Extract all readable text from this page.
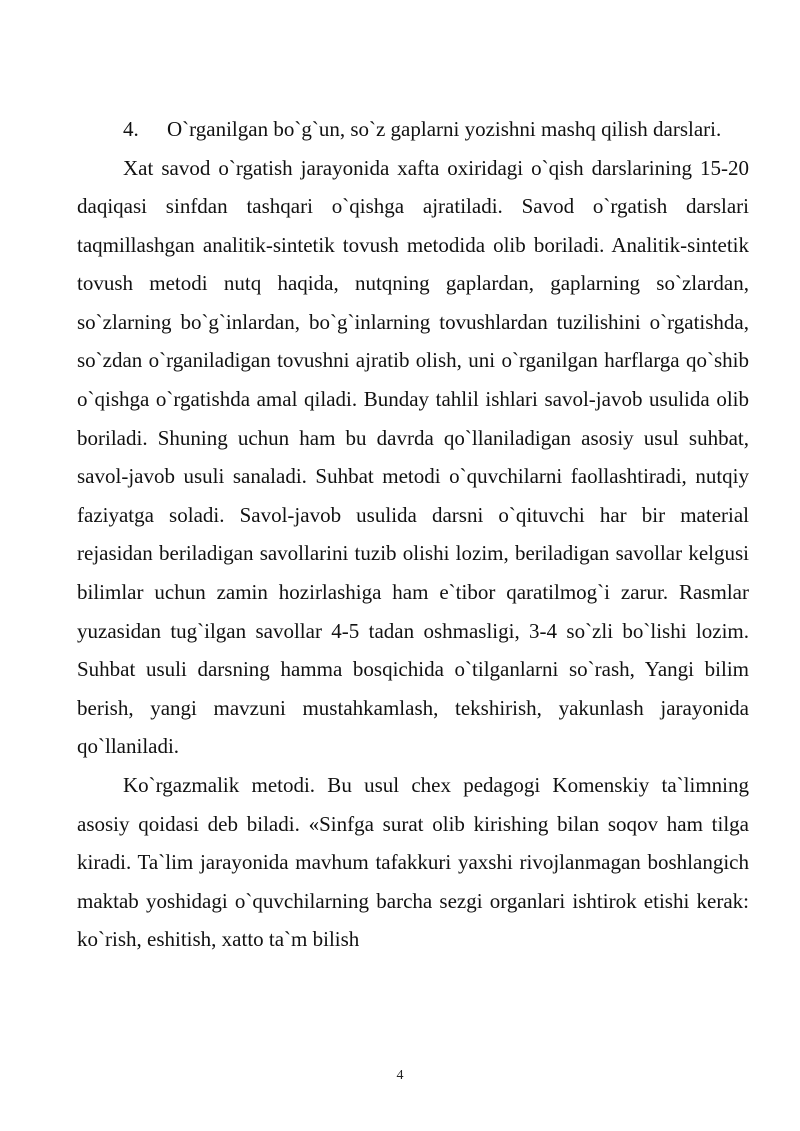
4.	O`rganilgan bo`g`un, so`z gaplarni yozishni mashq qilish darslari.

Xat savod o`rgatish jarayonida xafta oxiridagi o`qish darslarining 15-20 daqiqasi sinfdan tashqari o`qishga ajratiladi. Savod o`rgatish darslari taqmillashgan analitik-sintetik tovush metodida olib boriladi. Analitik-sintetik tovush metodi nutq haqida, nutqning gaplardan, gaplarning so`zlardan, so`zlarning bo`g`inlardan, bo`g`inlarning tovushlardan tuzilishini o`rgatishda, so`zdan o`rganiladigan tovushni ajratib olish, uni o`rganilgan harflarga qo`shib o`qishga o`rgatishda amal qiladi. Bunday tahlil ishlari savol-javob usulida olib boriladi. Shuning uchun ham bu davrda qo`llaniladigan asosiy usul suhbat, savol-javob usuli sanaladi. Suhbat metodi o`quvchilarni faollashtiradi, nutqiy faziyatga soladi. Savol-javob usulida darsni o`qituvchi har bir material rejasidan beriladigan savollarini tuzib olishi lozim, beriladigan savollar kelgusi bilimlar uchun zamin hozirlashiga ham e`tibor qaratilmog`i zarur. Rasmlar yuzasidan tug`ilgan savollar 4-5 tadan oshmasligi, 3-4 so`zli bo`lishi lozim. Suhbat usuli darsning hamma bosqichida o`tilganlarni so`rash, Yangi bilim berish, yangi mavzuni mustahkamlash, tekshirish, yakunlash jarayonida qo`llaniladi.

Ko`rgazmalik metodi. Bu usul chex pedagogi Komenskiy ta`limning asosiy qoidasi deb biladi. «Sinfga surat olib kirishing bilan soqov ham tilga kiradi. Ta`lim jarayonida mavhum tafakkuri yaxshi rivojlanmagan boshlangich maktab yoshidagi o`quvchilarning barcha sezgi organlari ishtirok etishi kerak: ko`rish, eshitish, xatto ta`m bilish

4
